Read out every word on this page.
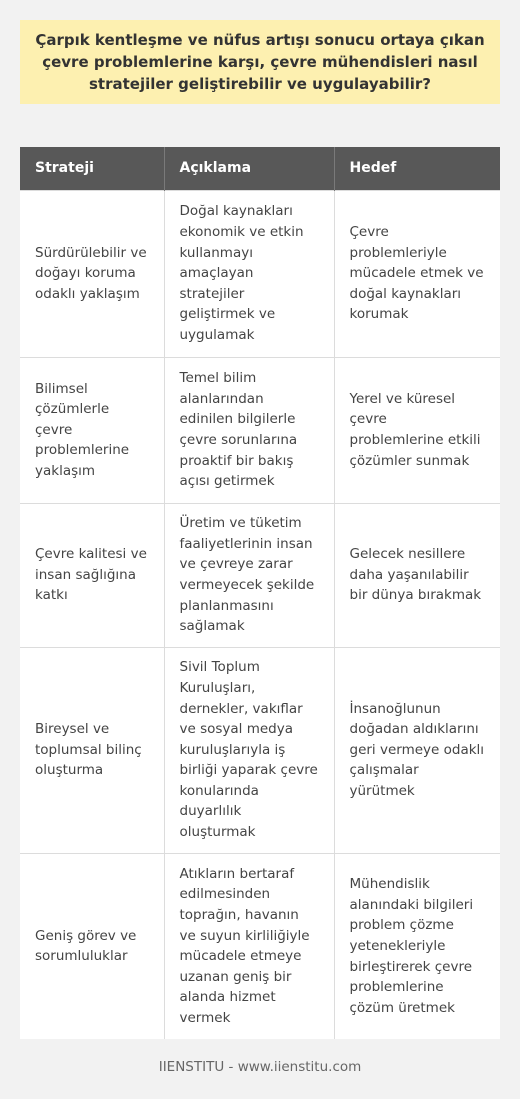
Çarpık kentleşme ve nüfus artışı sonucu ortaya çıkan çevre problemlerine karşı, çevre mühendisleri nasıl stratejiler geliştirebilir ve uygulayabilir?
Strateji	Açıklama	Hedef
Sürdürülebilir ve doğayı koruma odaklı yaklaşım	Doğal kaynakları ekonomik ve etkin kullanmayı amaçlayan stratejiler geliştirmek ve uygulamak	Çevre problemleriyle mücadele etmek ve doğal kaynakları korumak
Bilimsel çözümlerle çevre problemlerine yaklaşım	Temel bilim alanlarından edinilen bilgilerle çevre sorunlarına proaktif bir bakış açısı getirmek	Yerel ve küresel çevre problemlerine etkili çözümler sunmak
Çevre kalitesi ve insan sağlığına katkı	Üretim ve tüketim faaliyetlerinin insan ve çevreye zarar vermeyecek şekilde planlanmasını sağlamak	Gelecek nesillere daha yaşanılabilir bir dünya bırakmak
Bireysel ve toplumsal bilinç oluşturma	Sivil Toplum Kuruluşları, dernekler, vakıflar ve sosyal medya kuruluşlarıyla iş birliği yaparak çevre konularında duyarlılık oluşturmak	İnsanoğlunun doğadan aldıklarını geri vermeye odaklı çalışmalar yürütmek
Geniş görev ve sorumluluklar	Atıkların bertaraf edilmesinden toprağın, havanın ve suyun kirliliğiyle mücadele etmeye uzanan geniş bir alanda hizmet vermek	Mühendislik alanındaki bilgileri problem çözme yetenekleriyle birleştirerek çevre problemlerine çözüm üretmek
IIENSTITU - www.iienstitu.com
